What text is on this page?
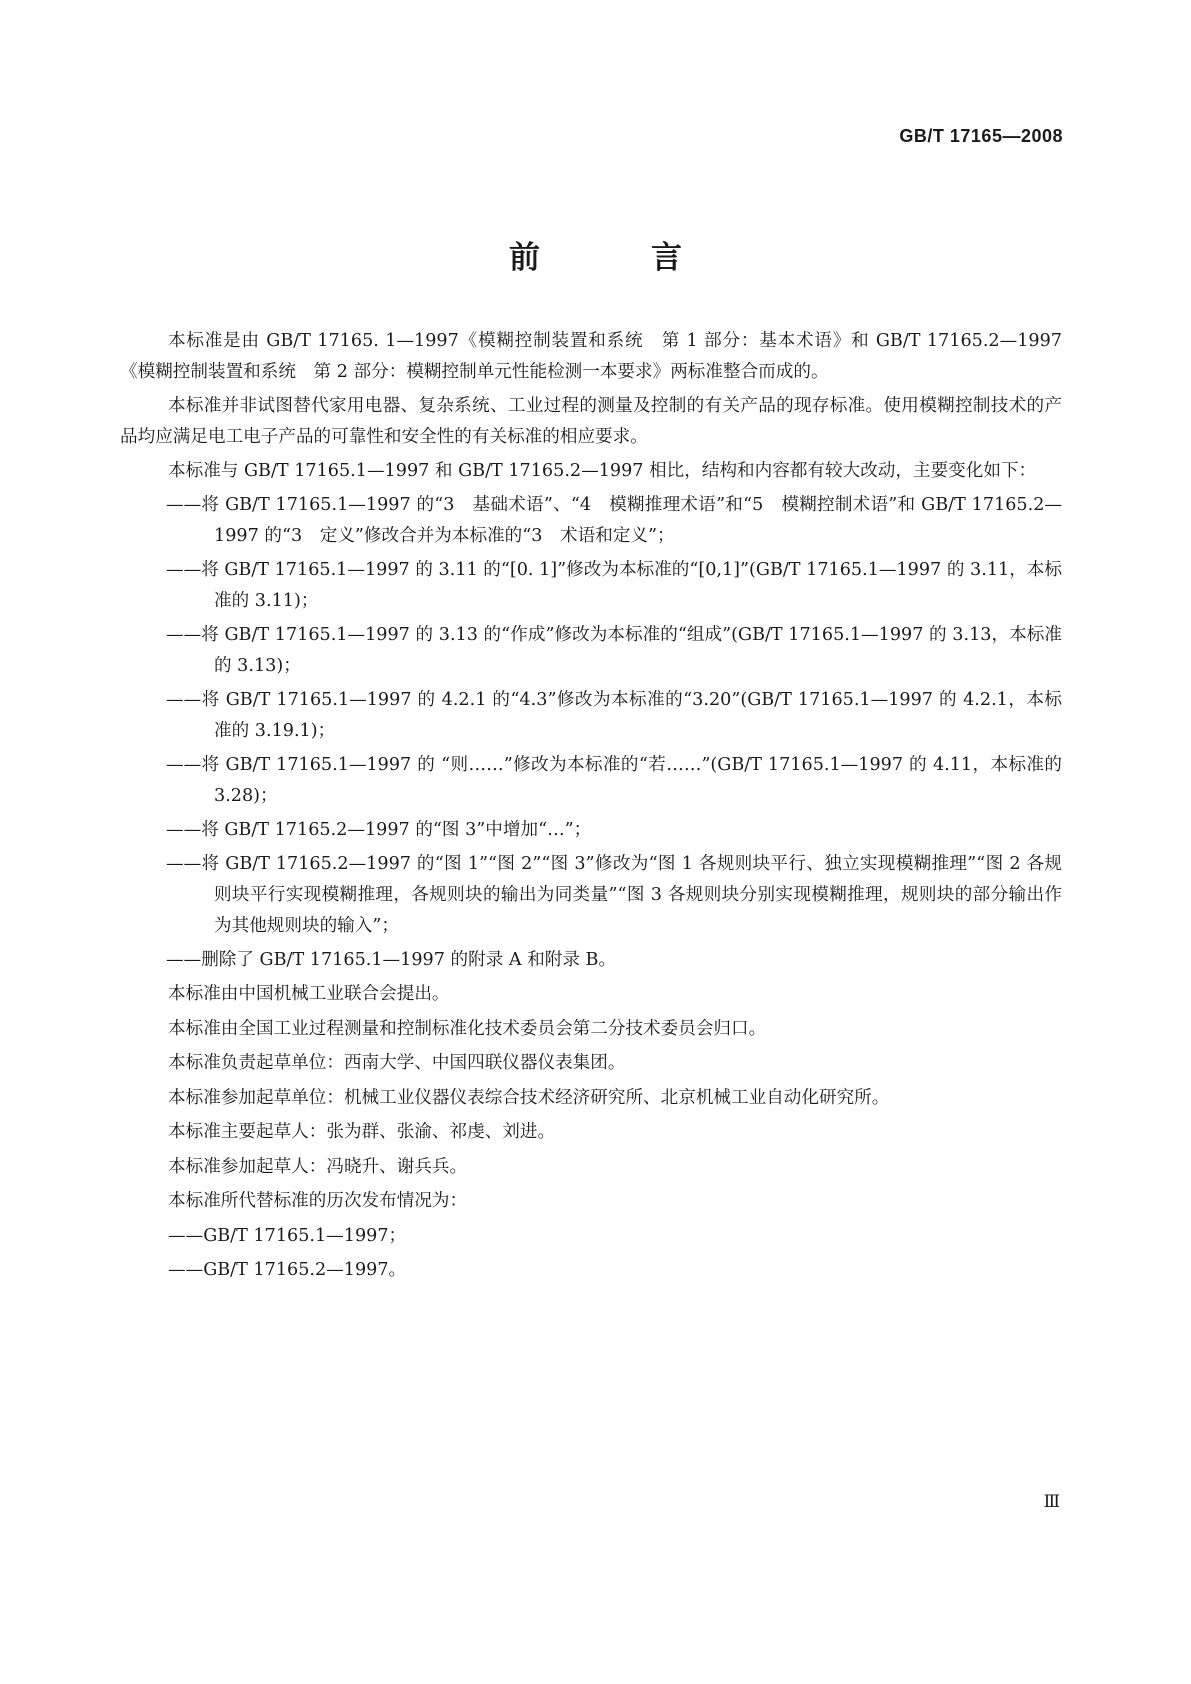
GB/T 17165—2008
前　言

本标准是由 GB/T 17165. 1—1997《模糊控制装置和系统　第 1 部分：基本术语》和 GB/T 17165.2—1997《模糊控制装置和系统　第 2 部分：模糊控制单元性能检测一本要求》两标准整合而成的。

本标准并非试图替代家用电器、复杂系统、工业过程的测量及控制的有关产品的现存标准。使用模糊控制技术的产品均应满足电工电子产品的可靠性和安全性的有关标准的相应要求。

本标准与 GB/T 17165.1—1997 和 GB/T 17165.2—1997 相比，结构和内容都有较大改动，主要变化如下：

——将 GB/T 17165.1—1997 的“3　基础术语”、“4　模糊推理术语”和“5　模糊控制术语”和 GB/T 17165.2—1997 的“3　定义”修改合并为本标准的“3　术语和定义”；

——将 GB/T 17165.1—1997 的 3.11 的“[0. 1]”修改为本标准的“[0,1]”(GB/T 17165.1—1997 的 3.11，本标准的 3.11)；

——将 GB/T 17165.1—1997 的 3.13 的“作成”修改为本标准的“组成”(GB/T 17165.1—1997 的 3.13，本标准的 3.13)；

——将 GB/T 17165.1—1997 的 4.2.1 的“4.3”修改为本标准的“3.20”(GB/T 17165.1—1997 的 4.2.1，本标准的 3.19.1)；

——将 GB/T 17165.1—1997 的 “则……”修改为本标准的“若……”(GB/T 17165.1—1997 的 4.11，本标准的 3.28)；

——将 GB/T 17165.2—1997 的“图 3”中增加“…”；

——将 GB/T 17165.2—1997 的“图 1”“图 2”“图 3”修改为“图 1 各规则块平行、独立实现模糊推理”“图 2 各规则块平行实现模糊推理，各规则块的输出为同类量”“图 3 各规则块分别实现模糊推理，规则块的部分输出作为其他规则块的输入”；

——删除了 GB/T 17165.1—1997 的附录 A 和附录 B。

本标准由中国机械工业联合会提出。

本标准由全国工业过程测量和控制标准化技术委员会第二分技术委员会归口。

本标准负责起草单位：西南大学、中国四联仪器仪表集团。

本标准参加起草单位：机械工业仪器仪表综合技术经济研究所、北京机械工业自动化研究所。

本标准主要起草人：张为群、张渝、祁虔、刘进。

本标准参加起草人：冯晓升、谢兵兵。

本标准所代替标准的历次发布情况为：

——GB/T 17165.1—1997；

——GB/T 17165.2—1997。

Ⅲ
